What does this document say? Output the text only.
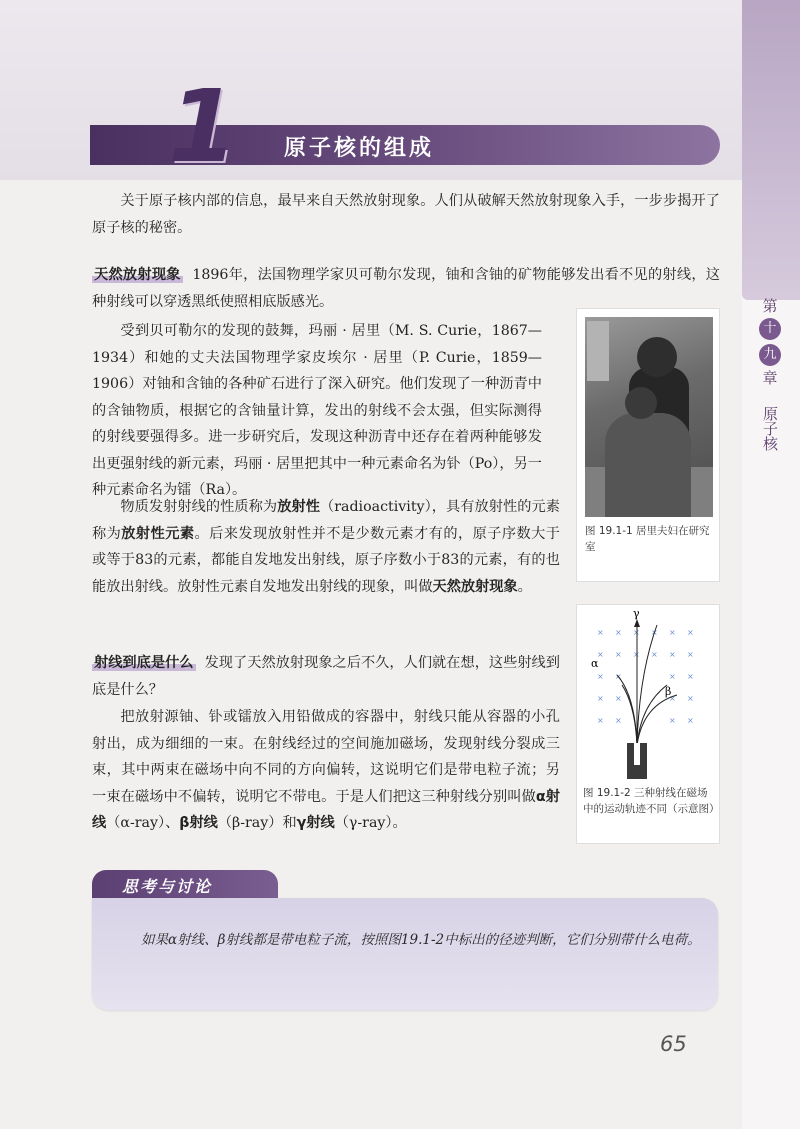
第
十
九
章
原子核
1 原子核的组成

关于原子核内部的信息，最早来自天然放射现象。人们从破解天然放射现象入手，一步步揭开了原子核的秘密。

天然放射现象 1896年，法国物理学家贝可勒尔发现，铀和含铀的矿物能够发出看不见的射线，这种射线可以穿透黑纸使照相底版感光。

受到贝可勒尔的发现的鼓舞，玛丽 · 居里（M. S. Curie，1867—1934）和她的丈夫法国物理学家皮埃尔 · 居里（P. Curie，1859—1906）对铀和含铀的各种矿石进行了深入研究。他们发现了一种沥青中的含铀物质，根据它的含铀量计算，发出的射线不会太强，但实际测得的射线要强得多。进一步研究后，发现这种沥青中还存在着两种能够发出更强射线的新元素，玛丽 · 居里把其中一种元素命名为钋（Po），另一种元素命名为镭（Ra）。

物质发射射线的性质称为放射性（radioactivity），具有放射性的元素称为放射性元素。后来发现放射性并不是少数元素才有的，原子序数大于或等于83的元素，都能自发地发出射线，原子序数小于83的元素，有的也能放出射线。放射性元素自发地发出射线的现象，叫做天然放射现象。

射线到底是什么 发现了天然放射现象之后不久，人们就在想，这些射线到底是什么？

把放射源铀、钋或镭放入用铅做成的容器中，射线只能从容器的小孔射出，成为细细的一束。在射线经过的空间施加磁场，发现射线分裂成三束，其中两束在磁场中向不同的方向偏转，这说明它们是带电粒子流；另一束在磁场中不偏转，说明它不带电。于是人们把这三种射线分别叫做α射线（α-ray）、β射线（β-ray）和γ射线（γ-ray）。

图 19.1-1 居里夫妇在研究室
× × × × × ×
× × × × × ×
× ×	× ×
× ×	× ×
× ×	× ×
γ
α
β
图 19.1-2 三种射线在磁场中的运动轨迹不同（示意图）
思考与讨论
如果α射线、β射线都是带电粒子流，按照图19.1-2中标出的径迹判断，它们分别带什么电荷。
65
